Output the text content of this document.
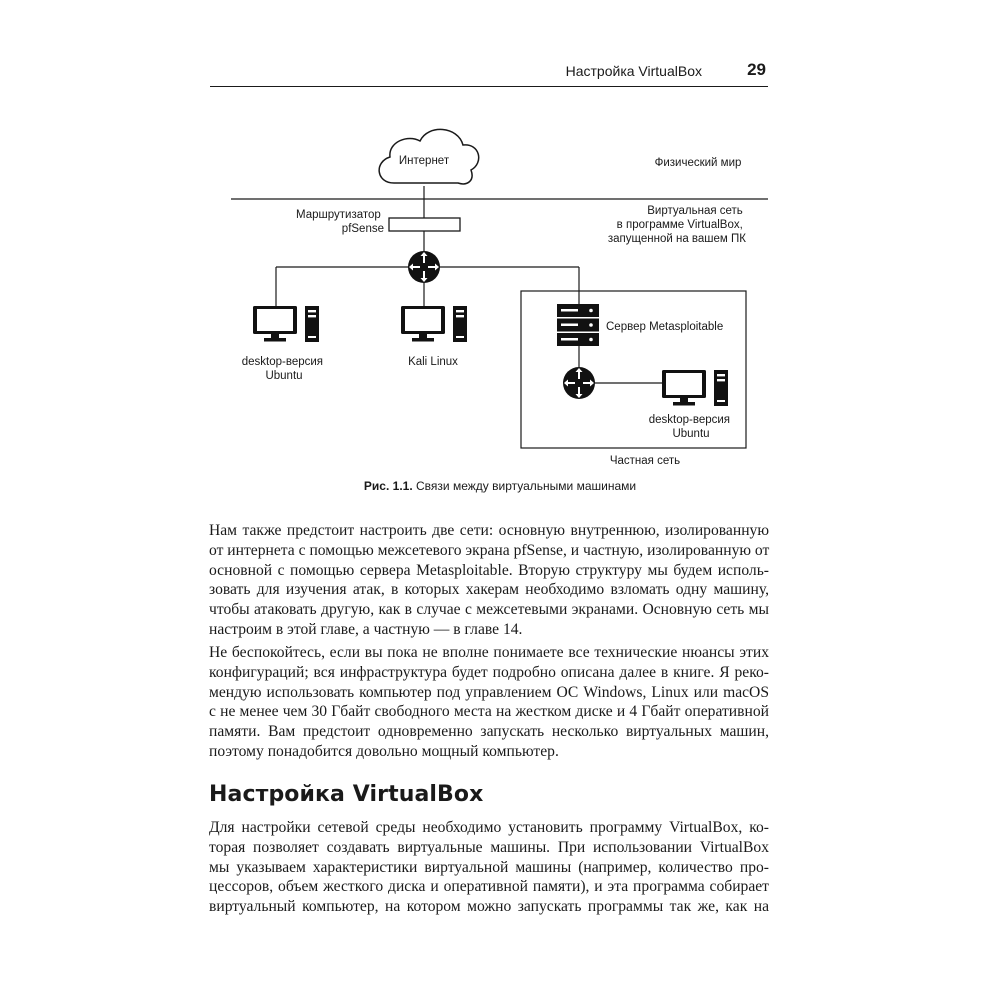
Настройка VirtualBox	29
Интернет	Физический мир
Маршрутизатор pfSense
Виртуальная сеть в программе VirtualBox, запущенной на вашем ПК
desktop-версия Ubuntu
Kali Linux
Сервер Metasploitable
desktop-версия Ubuntu
Частная сеть
Рис. 1.1. Связи между виртуальными машинами

Нам также предстоит настроить две сети: основную внутреннюю, изолированную
от интернета с помощью межсетевого экрана pfSense, и частную, изолированную от
основной с помощью сервера Metasploitable. Вторую структуру мы будем исполь-
зовать для изучения атак, в которых хакерам необходимо взломать одну машину,
чтобы атаковать другую, как в случае с межсетевыми экранами. Основную сеть мы
настроим в этой главе, а частную — в главе 14.

Не беспокойтесь, если вы пока не вполне понимаете все технические нюансы этих
конфигураций; вся инфраструктура будет подробно описана далее в книге. Я реко-
мендую использовать компьютер под управлением ОС Windows, Linux или macOS
с не менее чем 30 Гбайт свободного места на жестком диске и 4 Гбайт оперативной
памяти. Вам предстоит одновременно запускать несколько виртуальных машин,
поэтому понадобится довольно мощный компьютер.

Настройка VirtualBox

Для настройки сетевой среды необходимо установить программу VirtualBox, ко-
торая позволяет создавать виртуальные машины. При использовании VirtualBox
мы указываем характеристики виртуальной машины (например, количество про-
цессоров, объем жесткого диска и оперативной памяти), и эта программа собирает
виртуальный компьютер, на котором можно запускать программы так же, как на
